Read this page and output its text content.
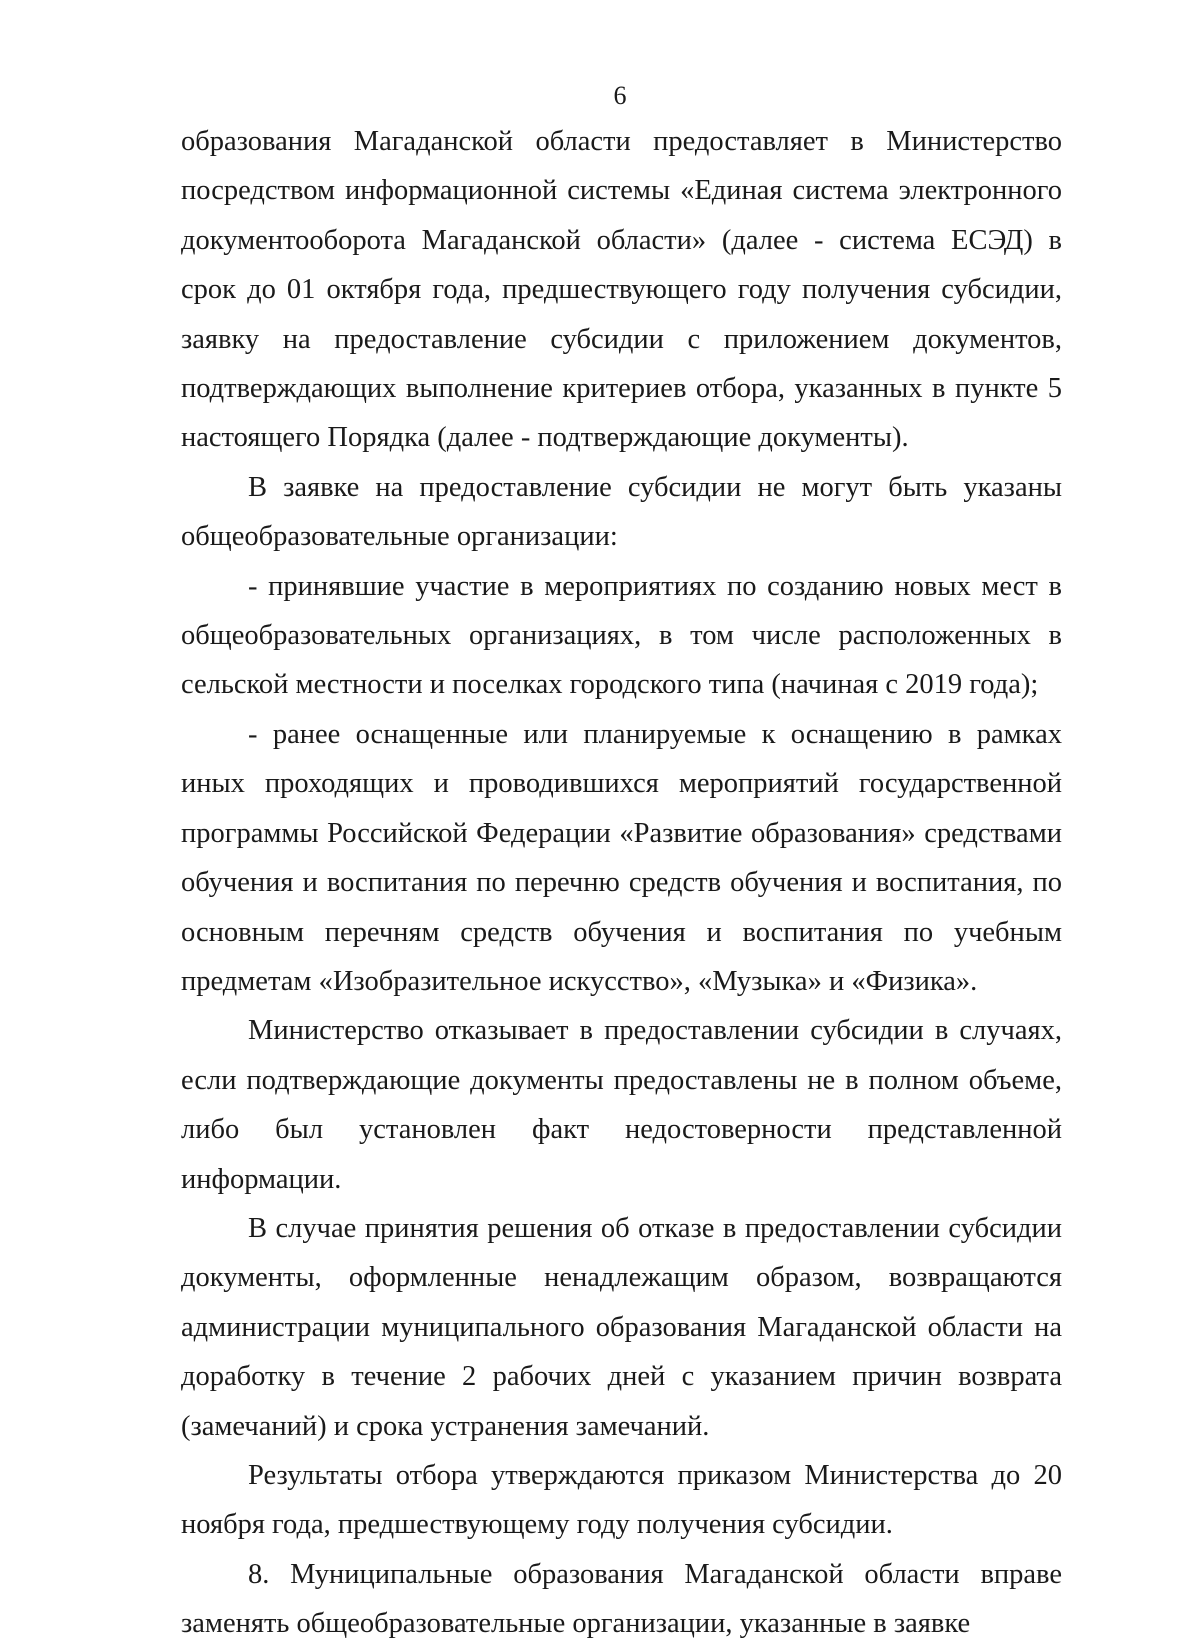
6

образования Магаданской области предоставляет в Министерство посредством информационной системы «Единая система электронного документооборота Магаданской области» (далее - система ЕСЭД) в срок до 01 октября года, предшествующего году получения субсидии, заявку на предоставление субсидии с приложением документов, подтверждающих выполнение критериев отбора, указанных в пункте 5 настоящего Порядка (далее - подтверждающие документы).

В заявке на предоставление субсидии не могут быть указаны общеобразовательные организации:

- принявшие участие в мероприятиях по созданию новых мест в общеобразовательных организациях, в том числе расположенных в сельской местности и поселках городского типа (начиная с 2019 года);

- ранее оснащенные или планируемые к оснащению в рамках иных проходящих и проводившихся мероприятий государственной программы Российской Федерации «Развитие образования» средствами обучения и воспитания по перечню средств обучения и воспитания, по основным перечням средств обучения и воспитания по учебным предметам «Изобразительное искусство», «Музыка» и «Физика».

Министерство отказывает в предоставлении субсидии в случаях, если подтверждающие документы предоставлены не в полном объеме, либо был установлен факт недостоверности представленной информации.

В случае принятия решения об отказе в предоставлении субсидии документы, оформленные ненадлежащим образом, возвращаются администрации муниципального образования Магаданской области на доработку в течение 2 рабочих дней с указанием причин возврата (замечаний) и срока устранения замечаний.

Результаты отбора утверждаются приказом Министерства до 20 ноября года, предшествующему году получения субсидии.

8. Муниципальные образования Магаданской области вправе заменять общеобразовательные организации, указанные в заявке
